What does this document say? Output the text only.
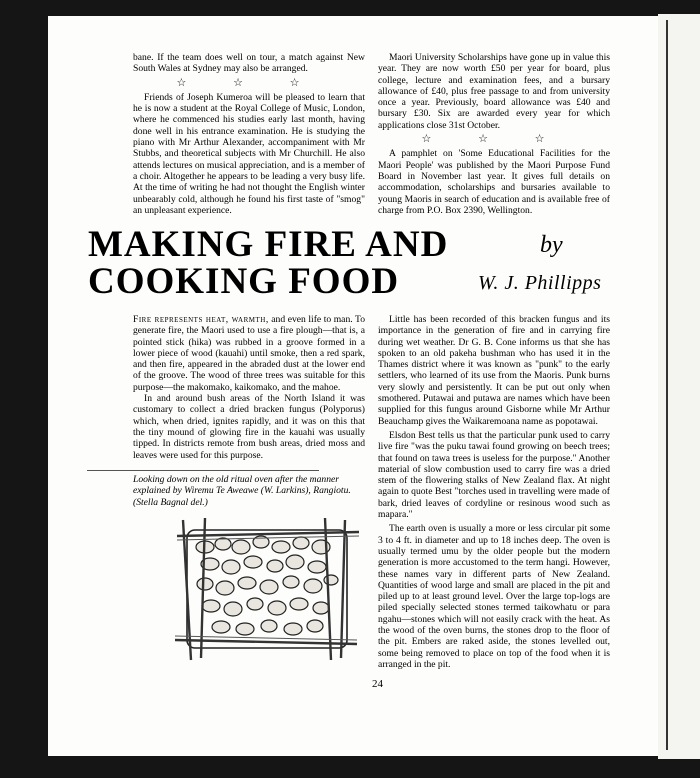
bane. If the team does well on tour, a match against New South Wales at Sydney may also be arranged.

☆ ☆ ☆

Friends of Joseph Kumeroa will be pleased to learn that he is now a student at the Royal College of Music, London, where he commenced his studies early last month, having done well in his entrance examination. He is studying the piano with Mr Arthur Alexander, accompaniment with Mr Stubbs, and theoretical subjects with Mr Churchill. He also attends lectures on musical appreciation, and is a member of a choir. Altogether he appears to be leading a very busy life. At the time of writing he had not thought the English winter unbearably cold, although he found his first taste of "smog" an unpleasant experience.

Maori University Scholarships have gone up in value this year. They are now worth £50 per year for board, plus college, lecture and examination fees, and a bursary allowance of £40, plus free passage to and from university once a year. Previously, board allowance was £40 and bursary £30. Six are awarded every year for which applications close 31st October.

☆ ☆ ☆

A pamphlet on 'Some Educational Facilities for the Maori People' was published by the Maori Purpose Fund Board in November last year. It gives full details on accommodation, scholarships and bursaries available to young Maoris in search of education and is available free of charge from P.O. Box 2390, Wellington.

MAKING FIRE AND
COOKING FOOD
by
W. J. Phillipps

Fire represents heat, warmth, and even life to man. To generate fire, the Maori used to use a fire plough—that is, a pointed stick (hika) was rubbed in a groove formed in a lower piece of wood (kauahi) until smoke, then a red spark, and then fire, appeared in the abraded dust at the lower end of the groove. The wood of three trees was suitable for this purpose—the makomako, kaikomako, and the mahoe.

In and around bush areas of the North Island it was customary to collect a dried bracken fungus (Polyporus) which, when dried, ignites rapidly, and it was on this that the tiny mound of glowing fire in the kauahi was usually tipped. In districts remote from bush areas, dried moss and leaves were used for this purpose.

Looking down on the old ritual oven after the manner explained by Wiremu Te Aweawe (W. Larkins), Rangiotu. (Stella Bagnal del.)

Little has been recorded of this bracken fungus and its importance in the generation of fire and in carrying fire during wet weather. Dr G. B. Cone informs us that she has spoken to an old pakeha bushman who has used it in the Thames district where it was known as "punk" to the early settlers, who learned of its use from the Maoris. Punk burns very slowly and persistently. It can be put out only when smothered. Putawai and putawa are names which have been supplied for this fungus around Gisborne while Mr Arthur Beauchamp gives the Waikaremoana name as popotawai.

Elsdon Best tells us that the particular punk used to carry live fire "was the puku tawai found growing on beech trees; that found on tawa trees is useless for the purpose." Another material of slow combustion used to carry fire was a dried stem of the flowering stalks of New Zealand flax. At night again to quote Best "torches used in travelling were made of bark, dried leaves of cordyline or resinous wood such as mapara."

The earth oven is usually a more or less circular pit some 3 to 4 ft. in diameter and up to 18 inches deep. The oven is usually termed umu by the older people but the modern generation is more accustomed to the term hangi. However, these names vary in different parts of New Zealand. Quantities of wood large and small are placed in the pit and piled up to at least ground level. Over the large top-logs are piled specially selected stones termed taikowhatu or para ngahu—stones which will not easily crack with the heat. As the wood of the oven burns, the stones drop to the floor of the pit. Embers are raked aside, the stones levelled out, some being removed to place on top of the food when it is arranged in the pit.

24
